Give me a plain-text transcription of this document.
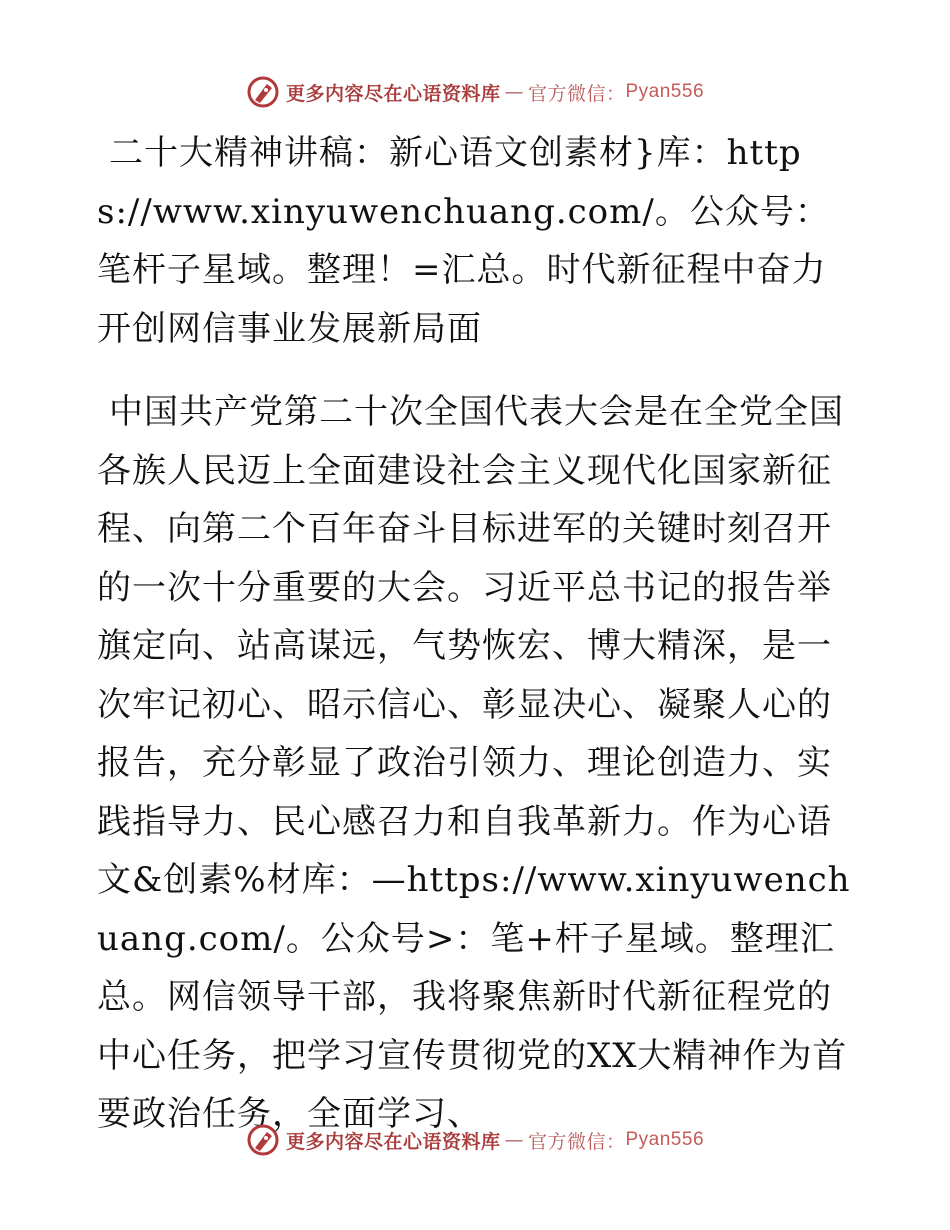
更多内容尽在心语资料库 — 官方微信： Pyan556

二十大精神讲稿：新心语文创素材}库：https://www.xinyuwenchuang.com/。公众号：笔杆子星域。整理！=汇总。时代新征程中奋力开创网信事业发展新局面

中国共产党第二十次全国代表大会是在全党全国各族人民迈上全面建设社会主义现代化国家新征程、向第二个百年奋斗目标进军的关键时刻召开的一次十分重要的大会。习近平总书记的报告举旗定向、站高谋远，气势恢宏、博大精深，是一次牢记初心、昭示信心、彰显决心、凝聚人心的报告，充分彰显了政治引领力、理论创造力、实践指导力、民心感召力和自我革新力。作为心语文&创素%材库：—https://www.xinyuwenchuang.com/。公众号>：笔+杆子星域。整理汇总。网信领导干部，我将聚焦新时代新征程党的中心任务，把学习宣传贯彻党的XX大精神作为首要政治任务，全面学习、

更多内容尽在心语资料库 — 官方微信： Pyan556
